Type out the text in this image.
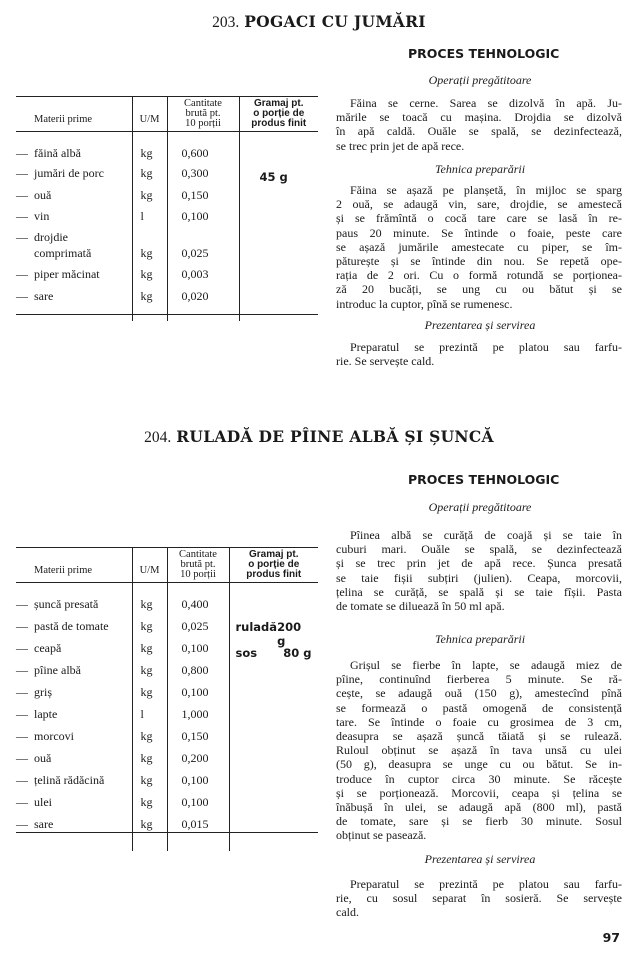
203. POGACI CU JUMĂRI
PROCES TEHNOLOGIC
Operații pregătitoare
Făina se cerne. Sarea se dizolvă în apă. Ju-
mările se toacă cu mașina. Drojdia se dizolvă
în apă caldă. Ouăle se spală, se dezinfectează,
se trec prin jet de apă rece.
Tehnica preparării
Făina se așază pe planșetă, în mijloc se sparg
2 ouă, se adaugă vin, sare, drojdie, se amestecă
și se frămîntă o cocă tare care se lasă în re-
paus 20 minute. Se întinde o foaie, peste care
se așază jumările amestecate cu piper, se îm-
păturește și se întinde din nou. Se repetă ope-
rația de 2 ori. Cu o formă rotundă se porționea-
ză 20 bucăți, se ung cu ou bătut și se
introduc la cuptor, pînă se rumenesc.
Prezentarea și servirea
Preparatul se prezintă pe platou sau farfu-
rie. Se servește cald.
Materii prime	U/M	Cantitate
brută pt.
10 porții	Gramaj pt.
o porție de
produs finit

— făină albă	kg	0,600	45 g

— jumări de porc	kg	0,300	
— ouă	kg	0,150	
— vin	l	0,100	
— drojdie			
comprimată	kg	0,025	
— piper măcinat	kg	0,003	
— sare	kg	0,020	

204. RULADĂ DE PÎINE ALBĂ ȘI ȘUNCĂ
PROCES TEHNOLOGIC
Operații pregătitoare
Pîinea albă se curăță de coajă și se taie în
cuburi mari. Ouăle se spală, se dezinfectează
și se trec prin jet de apă rece. Șunca presată
se taie fișii subțiri (julien). Ceapa, morcovii,
țelina se curăță, se spală și se taie fîșii. Pasta
de tomate se diluează în 50 ml apă.
Tehnica preparării
Grișul se fierbe în lapte, se adaugă miez de
pîine, continuînd fierberea 5 minute. Se ră-
cește, se adaugă ouă (150 g), amestecînd pînă
se formează o pastă omogenă de consistență
tare. Se întinde o foaie cu grosimea de 3 cm,
deasupra se așază șuncă tăiată și se rulează.
Ruloul obținut se așază în tava unsă cu ulei
(50 g), deasupra se unge cu ou bătut. Se in-
troduce în cuptor circa 30 minute. Se răcește
și se porționează. Morcovii, ceapa și țelina se
înăbușă în ulei, se adaugă apă (800 ml), pastă
de tomate, sare și se fierb 30 minute. Sosul
obținut se pasează.
Prezentarea și servirea
Preparatul se prezintă pe platou sau farfu-
rie, cu sosul separat în sosieră. Se servește
cald.
Materii prime	U/M	Cantitate
brută pt.
10 porții	Gramaj pt.
o porție de
produs finit

— șuncă presată	kg	0,400	ruladă 200 g
sos 80 g

— pastă de tomate	kg	0,025	
— ceapă	kg	0,100	
— pîine albă	kg	0,800	
— griș	kg	0,100	
— lapte	l	1,000	
— morcovi	kg	0,150	
— ouă	kg	0,200	
— țelină rădăcină	kg	0,100	
— ulei	kg	0,100	
— sare	kg	0,015	

97
